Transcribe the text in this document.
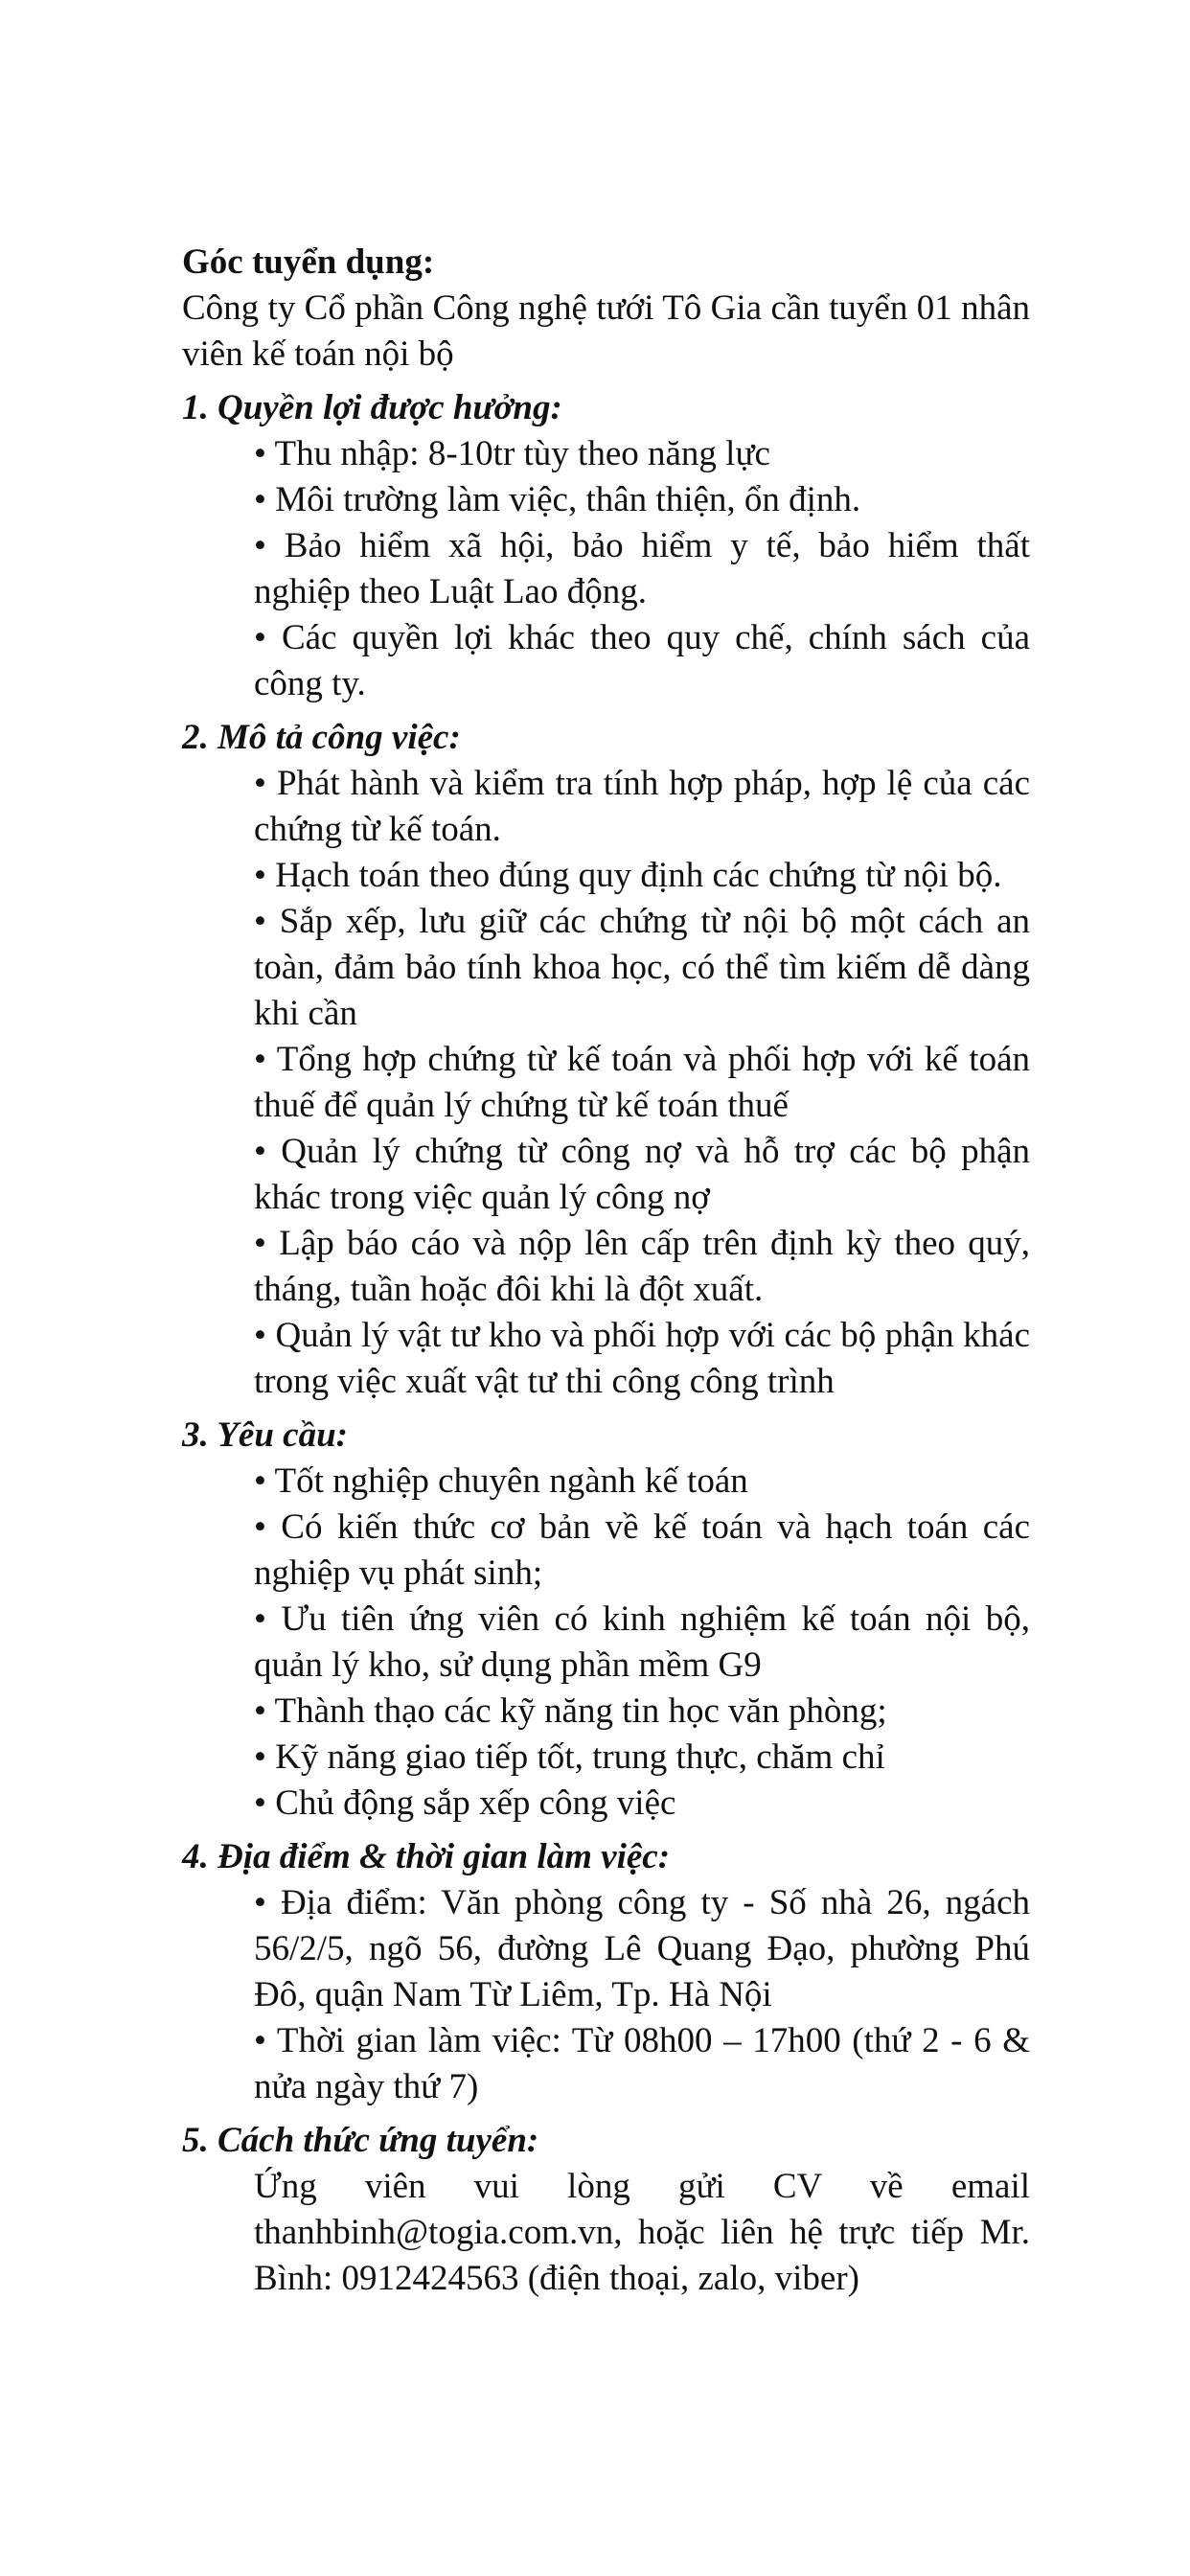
Góc tuyển dụng:

Công ty Cổ phần Công nghệ tưới Tô Gia cần tuyển 01 nhân viên kế toán nội bộ

1. Quyền lợi được hưởng:

• Thu nhập: 8-10tr tùy theo năng lực

• Môi trường làm việc, thân thiện, ổn định.

• Bảo hiểm xã hội, bảo hiểm y tế, bảo hiểm thất nghiệp theo Luật Lao động.

• Các quyền lợi khác theo quy chế, chính sách của công ty.

2. Mô tả công việc:

• Phát hành và kiểm tra tính hợp pháp, hợp lệ của các chứng từ kế toán.

• Hạch toán theo đúng quy định các chứng từ nội bộ.

• Sắp xếp, lưu giữ các chứng từ nội bộ một cách an toàn, đảm bảo tính khoa học, có thể tìm kiếm dễ dàng khi cần

• Tổng hợp chứng từ kế toán và phối hợp với kế toán thuế để quản lý chứng từ kế toán thuế

• Quản lý chứng từ công nợ và hỗ trợ các bộ phận khác trong việc quản lý công nợ

• Lập báo cáo và nộp lên cấp trên định kỳ theo quý, tháng, tuần hoặc đôi khi là đột xuất.

• Quản lý vật tư kho và phối hợp với các bộ phận khác trong việc xuất vật tư thi công công trình

3. Yêu cầu:

• Tốt nghiệp chuyên ngành kế toán

• Có kiến thức cơ bản về kế toán và hạch toán các nghiệp vụ phát sinh;

• Ưu tiên ứng viên có kinh nghiệm kế toán nội bộ, quản lý kho, sử dụng phần mềm G9

• Thành thạo các kỹ năng tin học văn phòng;

• Kỹ năng giao tiếp tốt, trung thực, chăm chỉ

• Chủ động sắp xếp công việc

4. Địa điểm & thời gian làm việc:

• Địa điểm: Văn phòng công ty - Số nhà 26, ngách 56/2/5, ngõ 56, đường Lê Quang Đạo, phường Phú Đô, quận Nam Từ Liêm, Tp. Hà Nội

• Thời gian làm việc: Từ 08h00 – 17h00 (thứ 2 - 6 & nửa ngày thứ 7)

5. Cách thức ứng tuyển:

Ứng viên vui lòng gửi CV về email thanhbinh@togia.com.vn, hoặc liên hệ trực tiếp Mr. Bình: 0912424563 (điện thoại, zalo, viber)
